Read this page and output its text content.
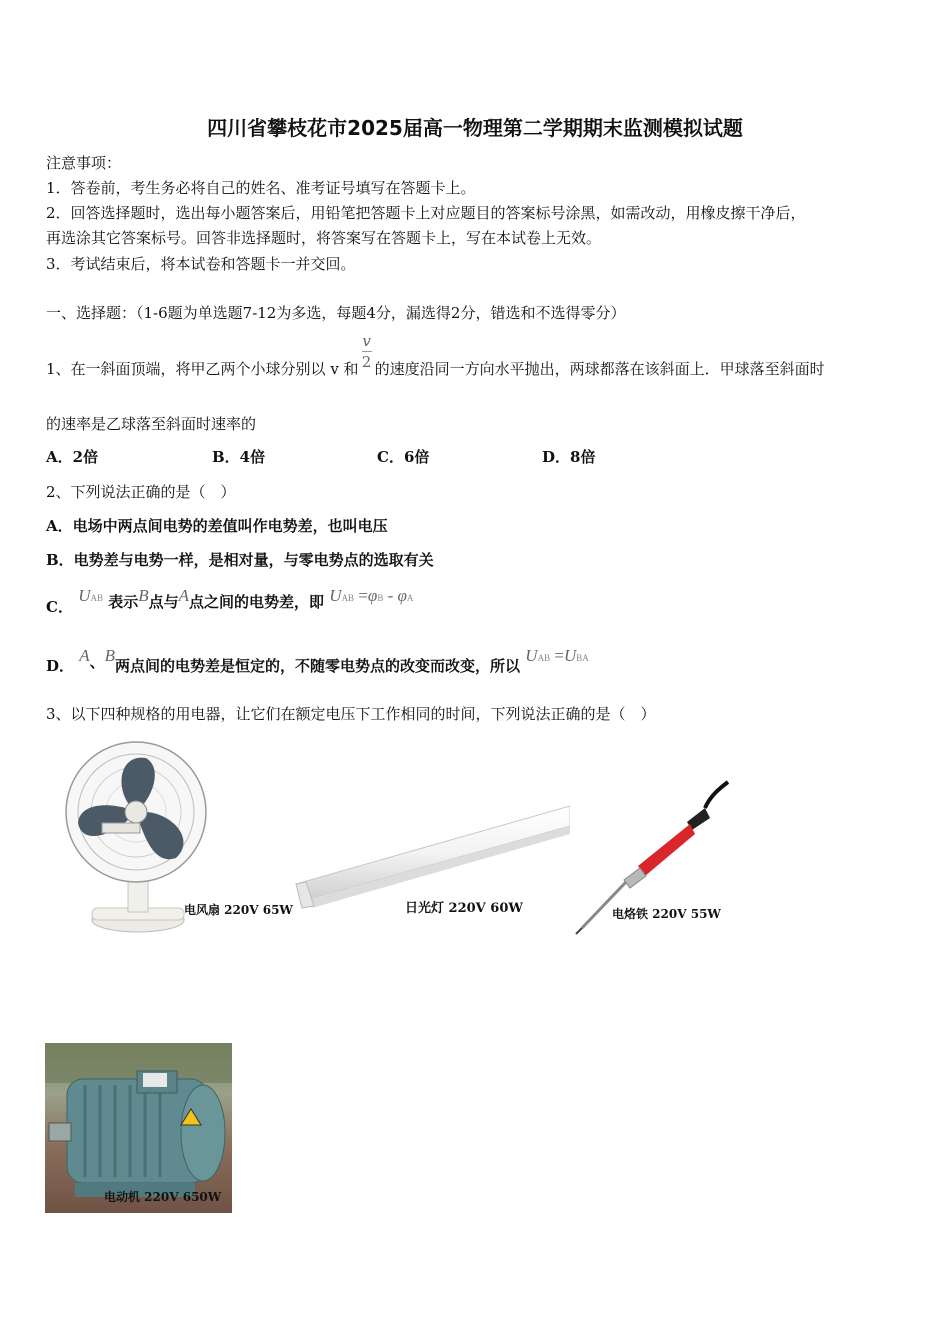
四川省攀枝花市2025届高一物理第二学期期末监测模拟试题
注意事项：
1．答卷前，考生务必将自己的姓名、准考证号填写在答题卡上。
2．回答选择题时，选出每小题答案后，用铅笔把答题卡上对应题目的答案标号涂黑，如需改动，用橡皮擦干净后，
再选涂其它答案标号。回答非选择题时，将答案写在答题卡上，写在本试卷上无效。
3．考试结束后，将本试卷和答题卡一并交回。
一、选择题：（1-6题为单选题7-12为多选，每题4分，漏选得2分，错选和不选得零分）
1、在一斜面顶端，将甲乙两个小球分别以 v 和 $\frac{v}{2}$ 的速度沿同一方向水平抛出，两球都落在该斜面上．甲球落至斜面时
的速率是乙球落至斜面时速率的
A．2倍	B．4倍	C．6倍	D．8倍
2、下列说法正确的是（　）
A．电场中两点间电势的差值叫作电势差，也叫电压
B．电势差与电势一样，是相对量，与零电势点的选取有关
C． UAB 表示B点与A点之间的电势差，即 UAB =φB - φA
D． A、B两点间的电势差是恒定的，不随零电势点的改变而改变，所以 UAB =UBA
3、以下四种规格的用电器，让它们在额定电压下工作相同的时间，下列说法正确的是（　）
电风扇 220V 65W	日光灯 220V 60W	电烙铁 220V 55W
电动机 220V 650W
